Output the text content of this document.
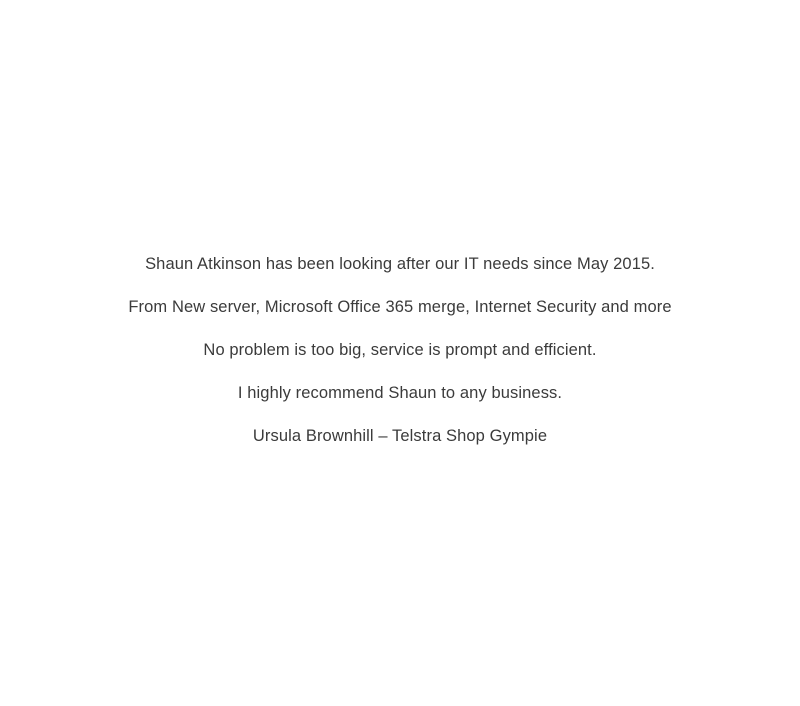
Shaun Atkinson has been looking after our IT needs since May 2015.
From New server, Microsoft Office 365 merge, Internet Security and more
No problem is too big, service is prompt and efficient.
I highly recommend Shaun to any business.
Ursula Brownhill – Telstra Shop Gympie
